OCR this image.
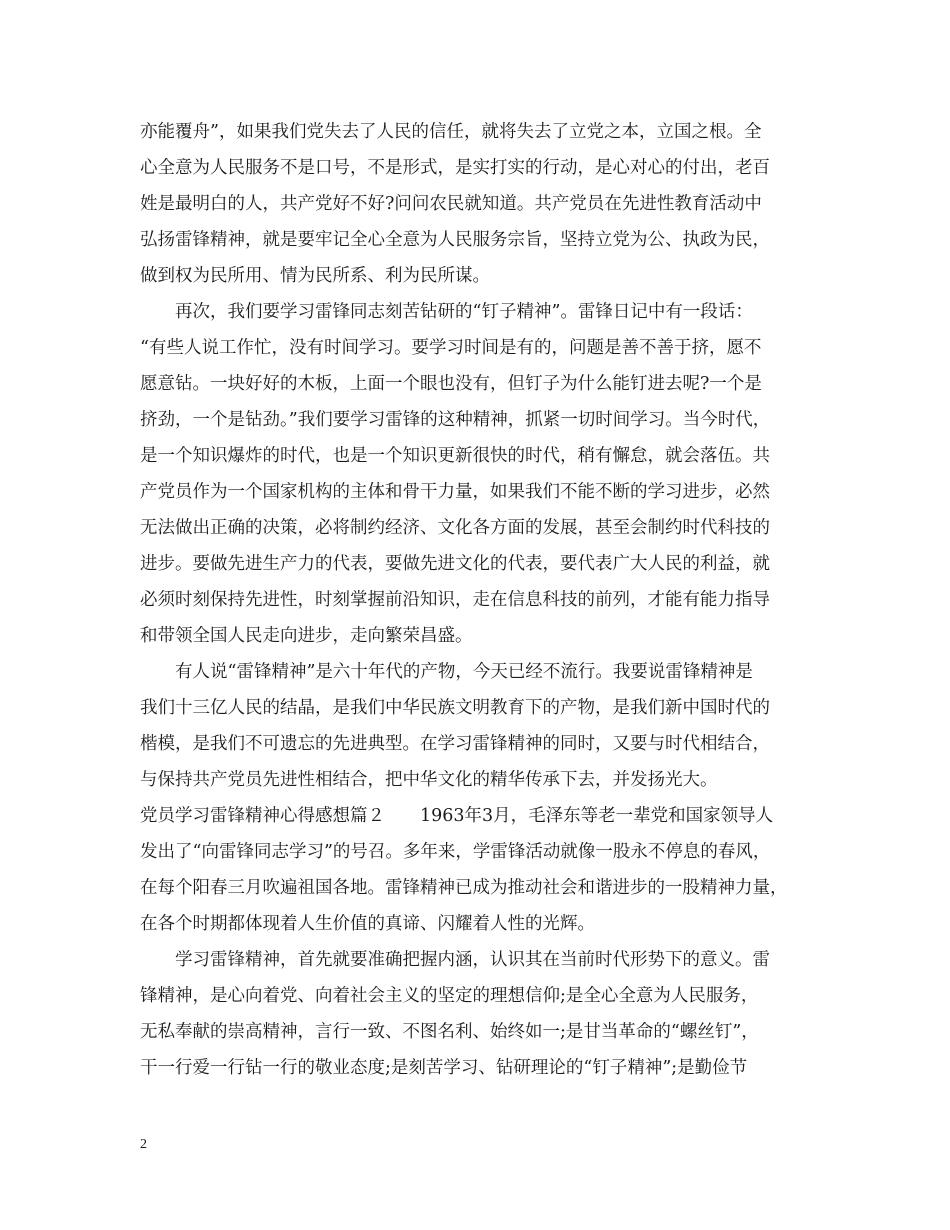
亦能覆舟”，如果我们党失去了人民的信任，就将失去了立党之本，立国之根。全
心全意为人民服务不是口号，不是形式，是实打实的行动，是心对心的付出，老百
姓是最明白的人，共产党好不好?问问农民就知道。共产党员在先进性教育活动中
弘扬雷锋精神，就是要牢记全心全意为人民服务宗旨，坚持立党为公、执政为民，
做到权为民所用、情为民所系、利为民所谋。
　　再次，我们要学习雷锋同志刻苦钻研的“钉子精神”。雷锋日记中有一段话：
“有些人说工作忙，没有时间学习。要学习时间是有的，问题是善不善于挤，愿不
愿意钻。一块好好的木板，上面一个眼也没有，但钉子为什么能钉进去呢?一个是
挤劲，一个是钻劲。”我们要学习雷锋的这种精神，抓紧一切时间学习。当今时代，
是一个知识爆炸的时代，也是一个知识更新很快的时代，稍有懈怠，就会落伍。共
产党员作为一个国家机构的主体和骨干力量，如果我们不能不断的学习进步，必然
无法做出正确的决策，必将制约经济、文化各方面的发展，甚至会制约时代科技的
进步。要做先进生产力的代表，要做先进文化的代表，要代表广大人民的利益，就
必须时刻保持先进性，时刻掌握前沿知识，走在信息科技的前列，才能有能力指导
和带领全国人民走向进步，走向繁荣昌盛。
　　有人说“雷锋精神”是六十年代的产物，今天已经不流行。我要说雷锋精神是
我们十三亿人民的结晶，是我们中华民族文明教育下的产物，是我们新中国时代的
楷模，是我们不可遗忘的先进典型。在学习雷锋精神的同时，又要与时代相结合，
与保持共产党员先进性相结合，把中华文化的精华传承下去，并发扬光大。
党员学习雷锋精神心得感想篇２　　1963年3月，毛泽东等老一辈党和国家领导人
发出了“向雷锋同志学习”的号召。多年来，学雷锋活动就像一股永不停息的春风，
在每个阳春三月吹遍祖国各地。雷锋精神已成为推动社会和谐进步的一股精神力量，
在各个时期都体现着人生价值的真谛、闪耀着人性的光辉。
　　学习雷锋精神，首先就要准确把握内涵，认识其在当前时代形势下的意义。雷
锋精神，是心向着党、向着社会主义的坚定的理想信仰;是全心全意为人民服务，
无私奉献的崇高精神，言行一致、不图名利、始终如一;是甘当革命的“螺丝钉”，
干一行爱一行钻一行的敬业态度;是刻苦学习、钻研理论的“钉子精神”;是勤俭节
2
